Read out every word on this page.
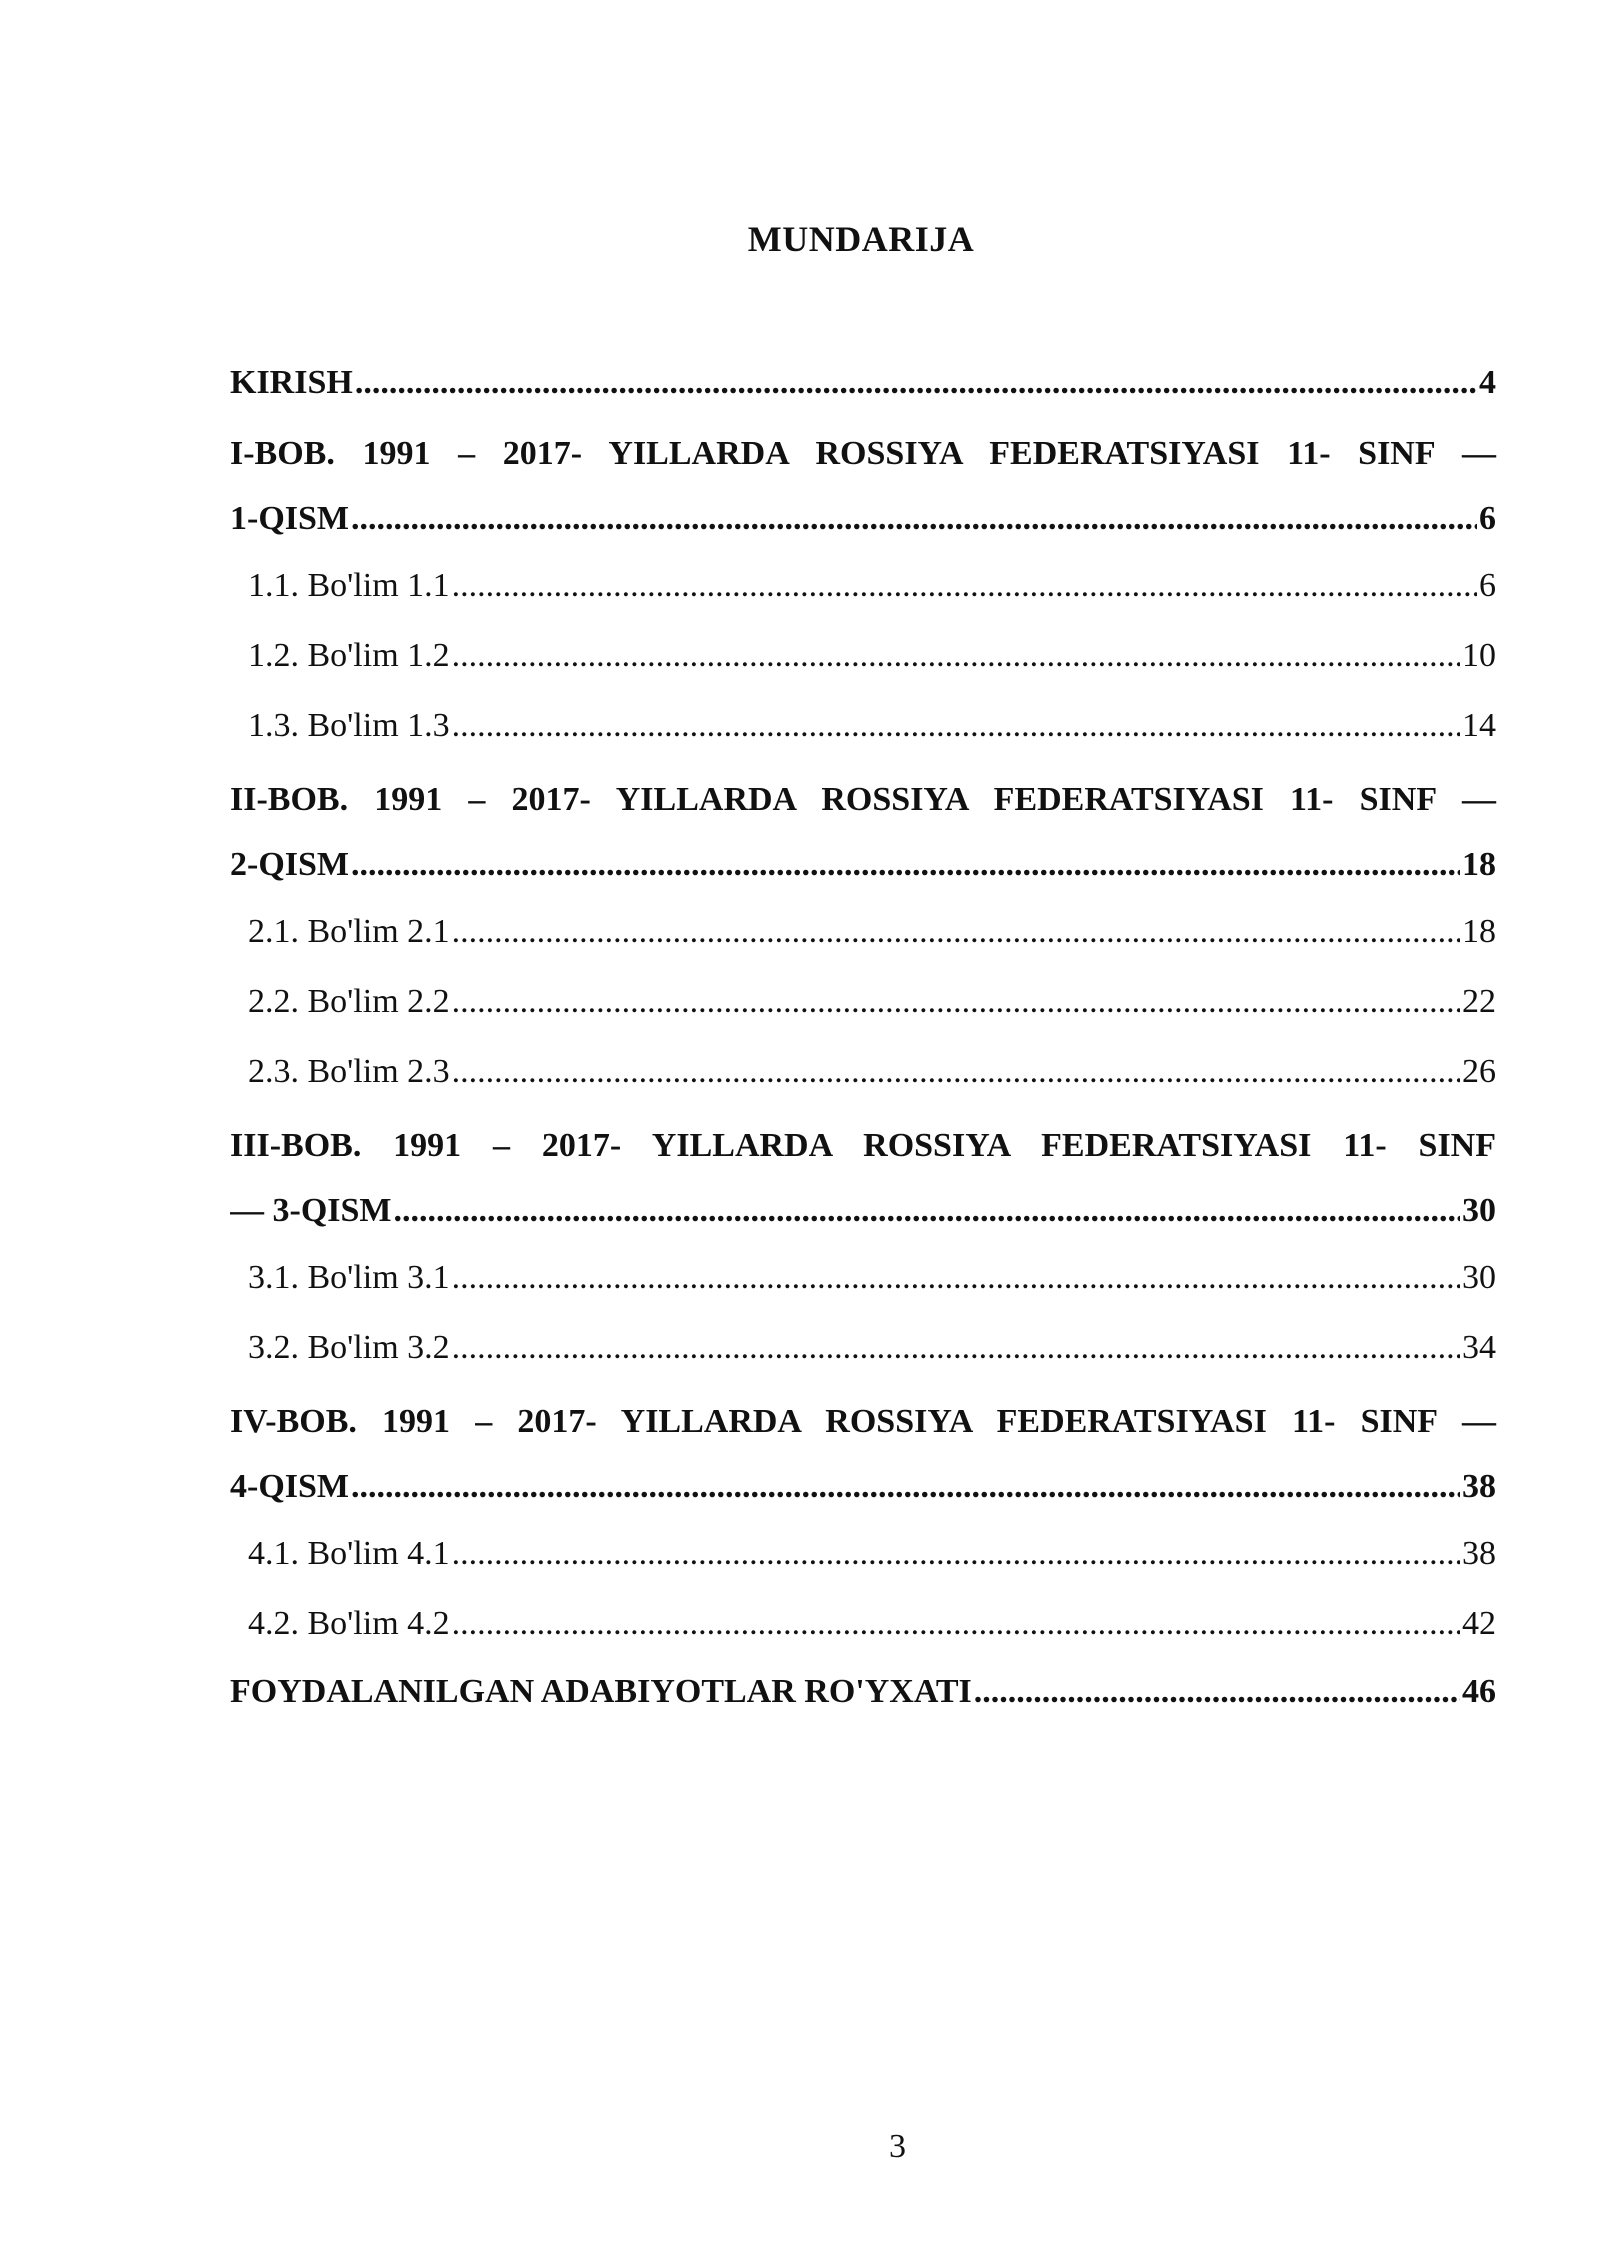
MUNDARIJA
KIRISH .....	4
I-BOB. 1991 – 2017- YILLARDA ROSSIYA FEDERATSIYASI 11- SINF —
1-QISM .....	6
1.1. Bo'lim 1.1 .....	6
1.2. Bo'lim 1.2 .....	10
1.3. Bo'lim 1.3 .....	14
II-BOB. 1991 – 2017- YILLARDA ROSSIYA FEDERATSIYASI 11- SINF —
2-QISM .....	18
2.1. Bo'lim 2.1 .....	18
2.2. Bo'lim 2.2 .....	22
2.3. Bo'lim 2.3 .....	26
III-BOB. 1991 – 2017- YILLARDA ROSSIYA FEDERATSIYASI 11- SINF
— 3-QISM .....	30
3.1. Bo'lim 3.1 .....	30
3.2. Bo'lim 3.2 .....	34
IV-BOB. 1991 – 2017- YILLARDA ROSSIYA FEDERATSIYASI 11- SINF —
4-QISM .....	38
4.1. Bo'lim 4.1 .....	38
4.2. Bo'lim 4.2 .....	42
FOYDALANILGAN ADABIYOTLAR RO'YXATI .....	46
3
